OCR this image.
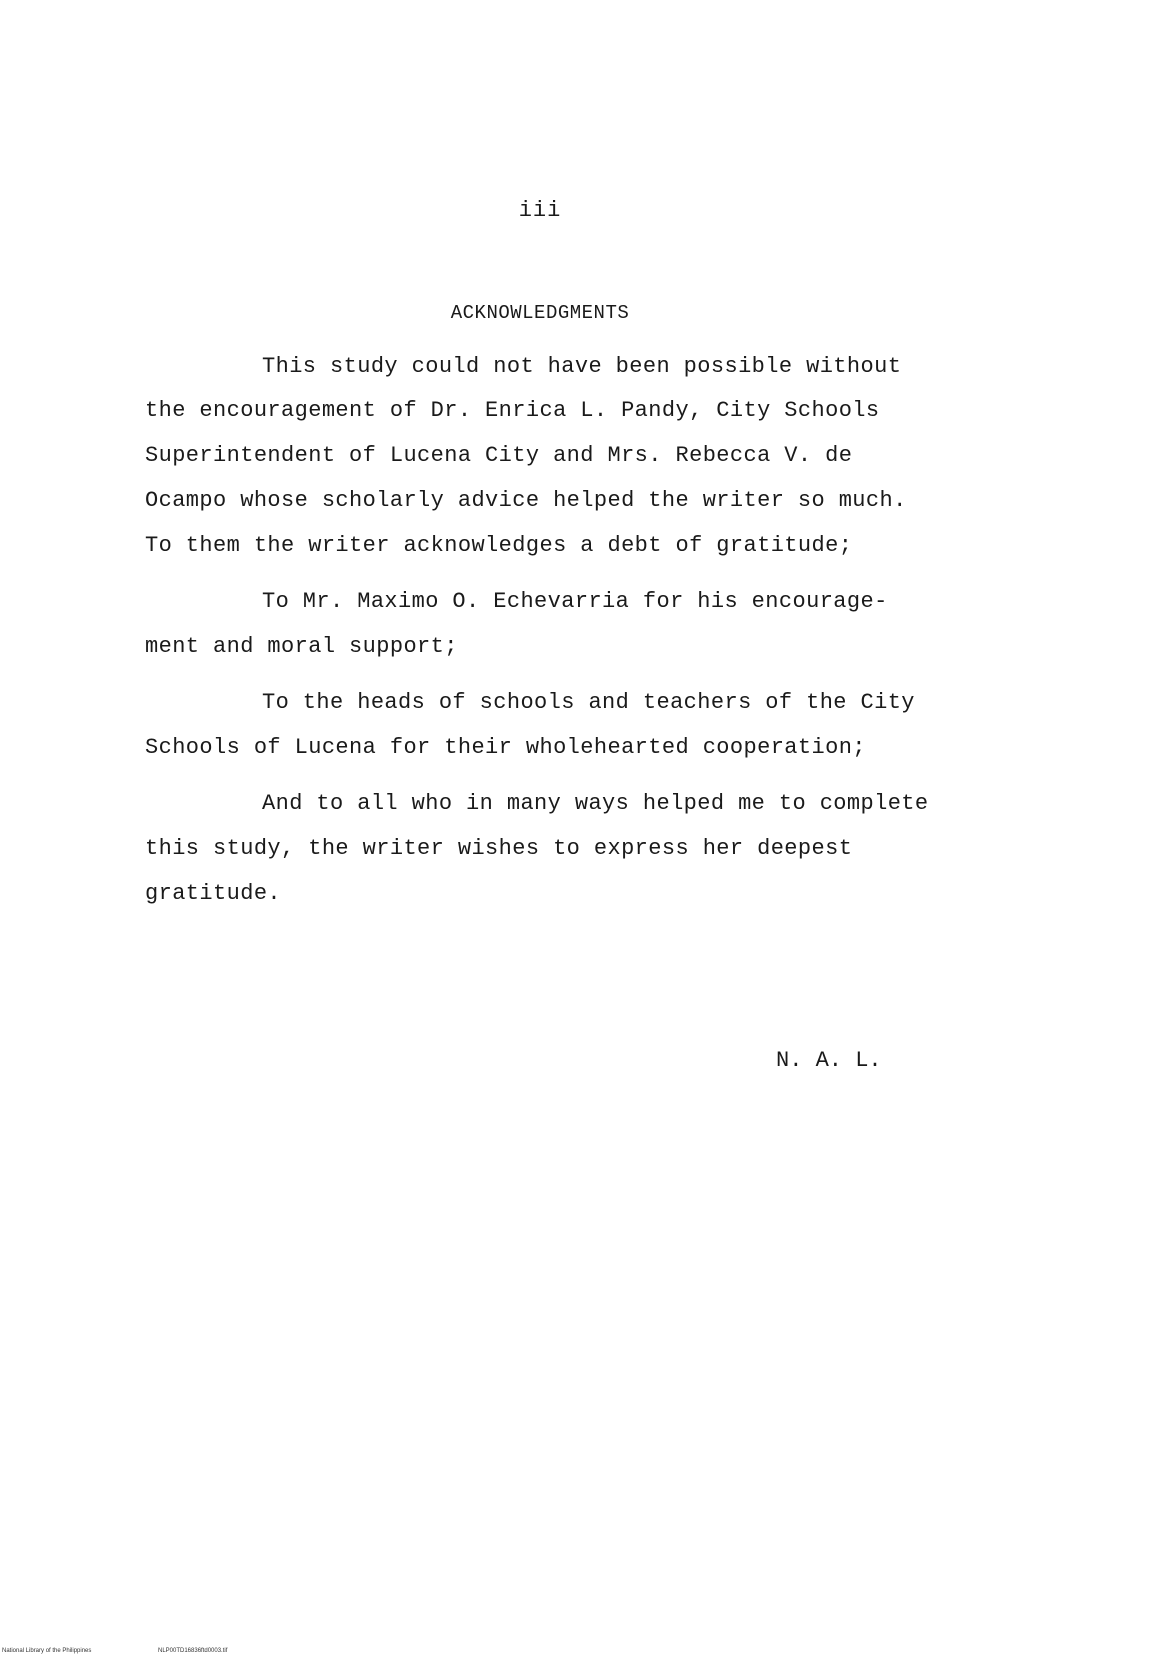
iii
ACKNOWLEDGMENTS
This study could not have been possible without
the encouragement of Dr. Enrica L. Pandy, City Schools
Superintendent of Lucena City and Mrs. Rebecca V. de
Ocampo whose scholarly advice helped the writer so much.
To them the writer acknowledges a debt of gratitude;
To Mr. Maximo O. Echevarria for his encourage-
ment and moral support;
To the heads of schools and teachers of the City
Schools of Lucena for their wholehearted cooperation;
And to all who in many ways helped me to complete
this study, the writer wishes to express her deepest
gratitude.
N. A. L.
National Library of the Philippines	NLP00TD16836ftd0003.tif
